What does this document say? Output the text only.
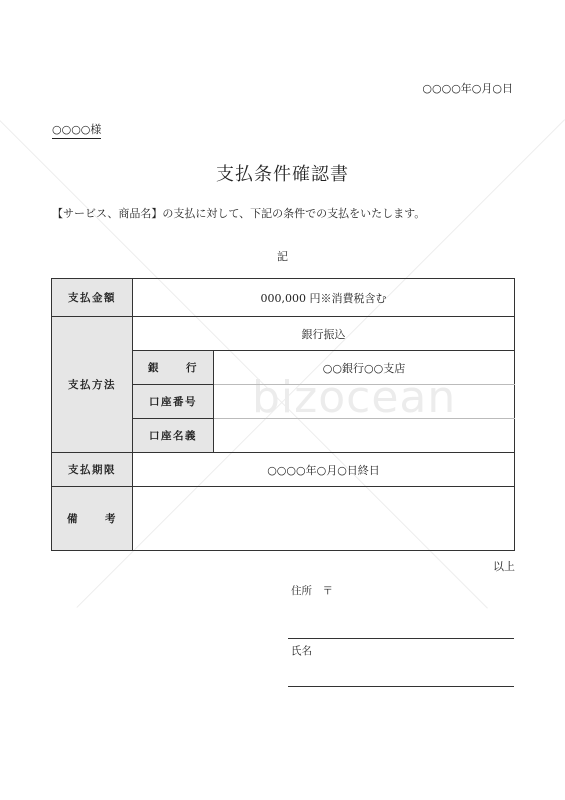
bizocean
○○○○年○月○日
○○○○様
支払条件確認書
【サービス、商品名】の支払に対して、下記の条件での支払をいたします。
記
支払金額	000,000 円※消費税含む	
支払方法	銀行振込	
	銀行	○○銀行○○支店
	口座番号	
	口座名義	
支払期限	○○○○年○月○日終日	
備考		
以上
住所　〒
氏名
